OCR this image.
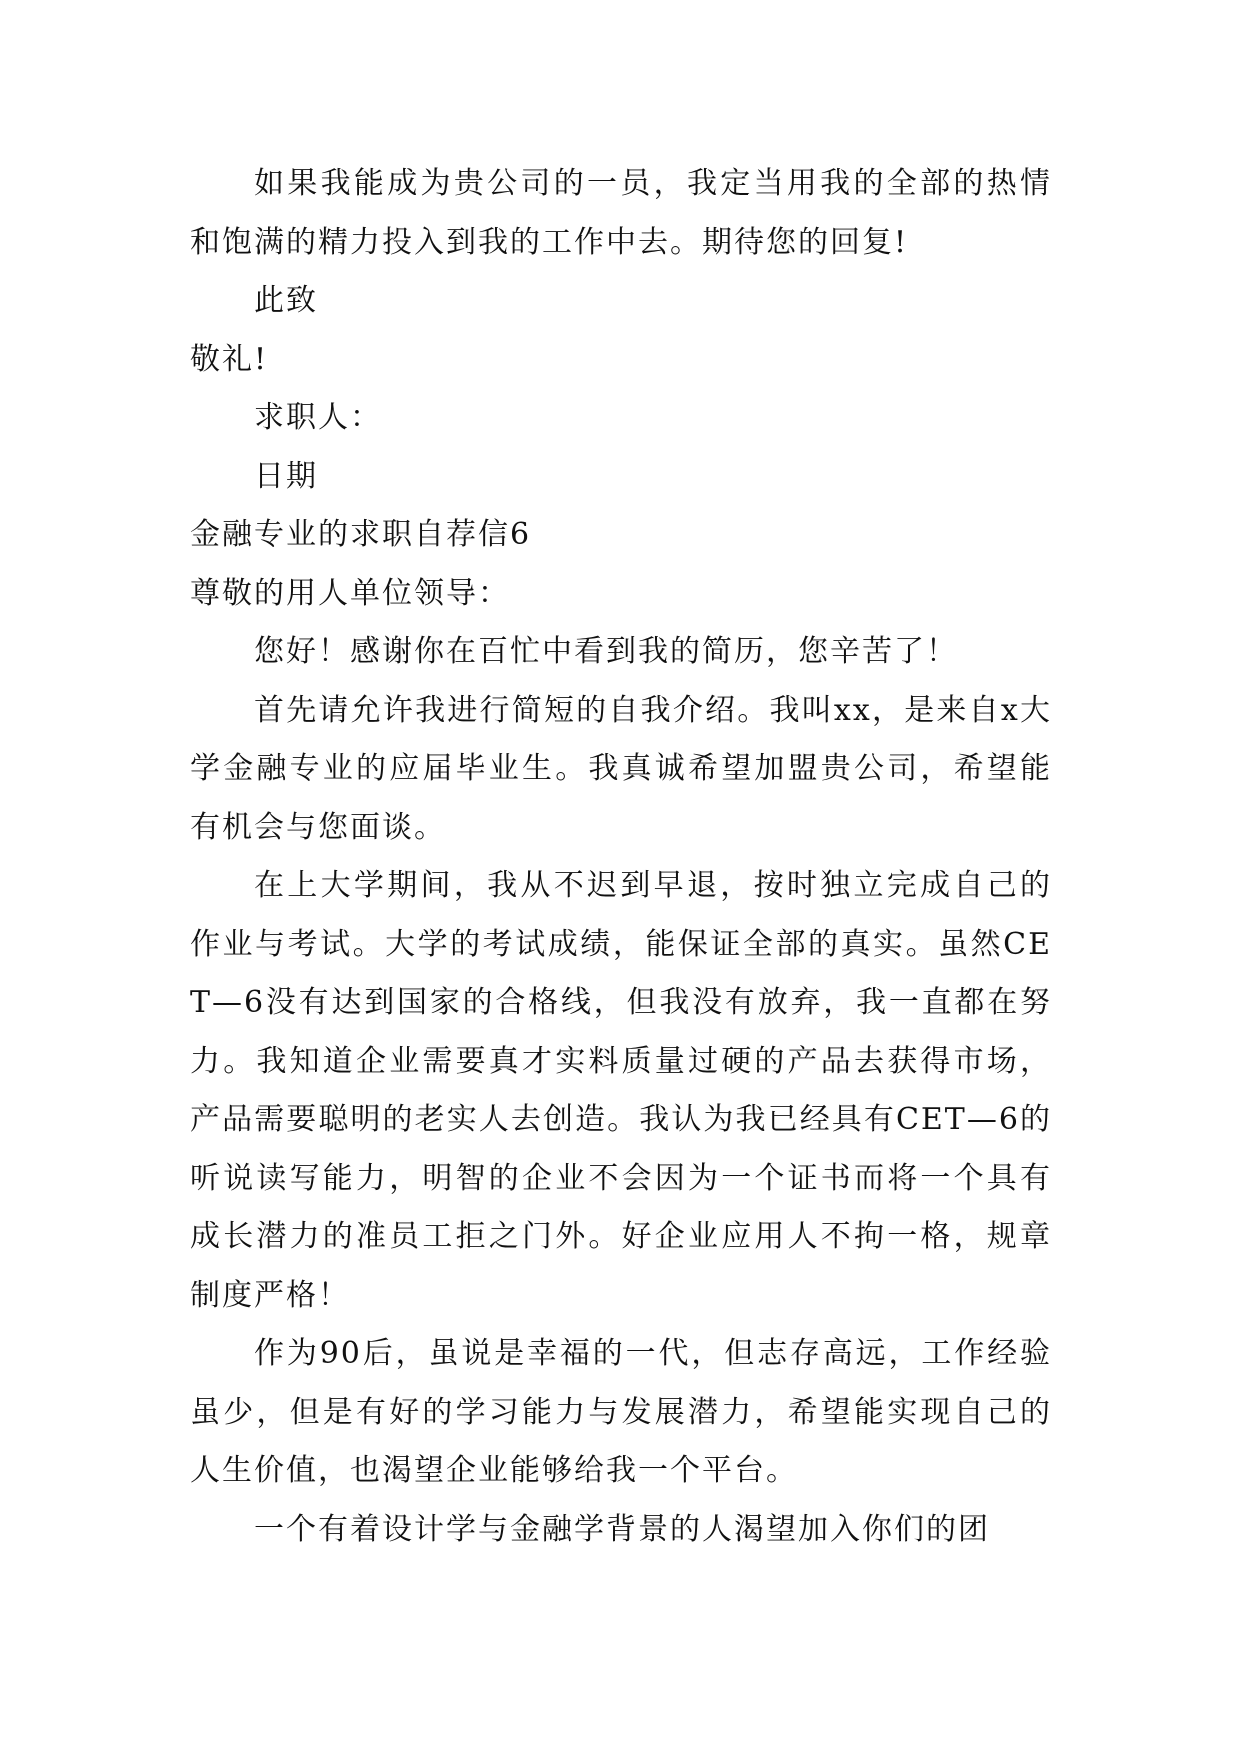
如果我能成为贵公司的一员，我定当用我的全部的热情和饱满的精力投入到我的工作中去。期待您的回复!

此致

敬礼!

求职人：

日期

金融专业的求职自荐信6

尊敬的用人单位领导：

您好！感谢你在百忙中看到我的简历，您辛苦了！

首先请允许我进行简短的自我介绍。我叫xx，是来自x大学金融专业的应届毕业生。我真诚希望加盟贵公司，希望能有机会与您面谈。

在上大学期间，我从不迟到早退，按时独立完成自己的作业与考试。大学的考试成绩，能保证全部的真实。虽然CET—6没有达到国家的合格线，但我没有放弃，我一直都在努力。我知道企业需要真才实料质量过硬的产品去获得市场，产品需要聪明的老实人去创造。我认为我已经具有CET—6的听说读写能力，明智的企业不会因为一个证书而将一个具有成长潜力的准员工拒之门外。好企业应用人不拘一格，规章制度严格！

作为90后，虽说是幸福的一代，但志存高远，工作经验虽少，但是有好的学习能力与发展潜力，希望能实现自己的人生价值，也渴望企业能够给我一个平台。

一个有着设计学与金融学背景的人渴望加入你们的团
